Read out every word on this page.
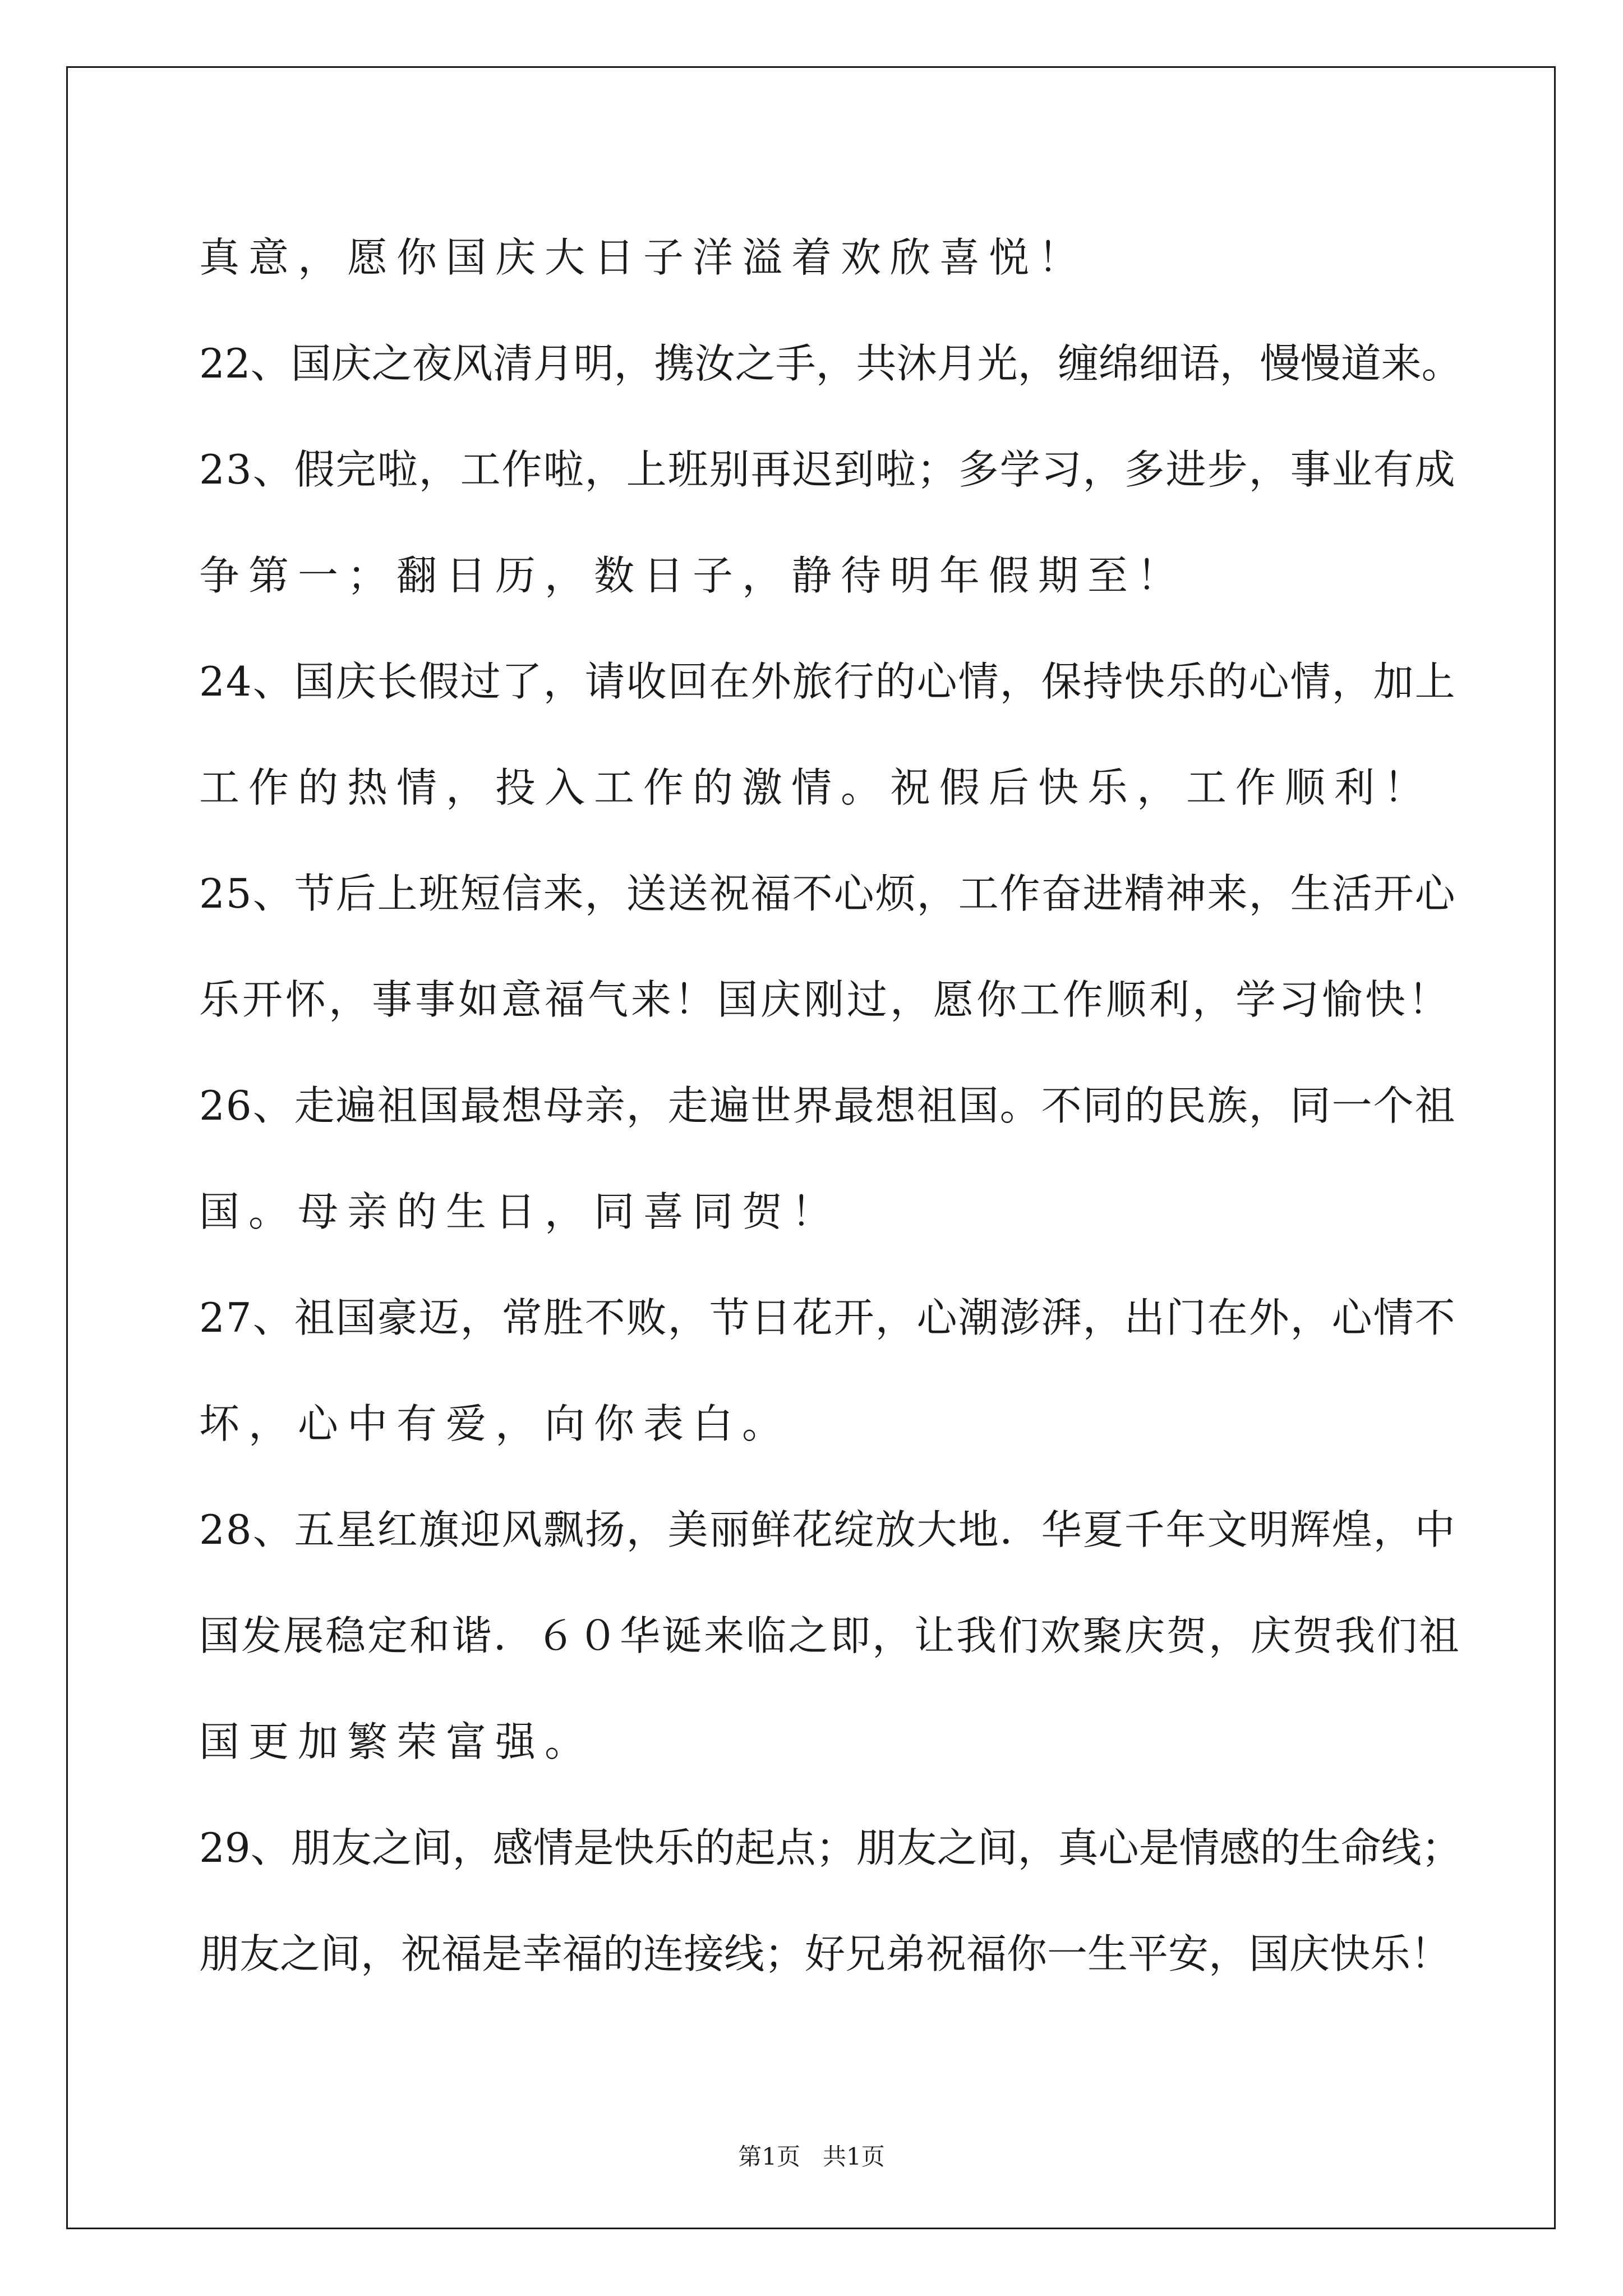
真意，愿你国庆大日子洋溢着欢欣喜悦！
22、国庆之夜风清月明，携汝之手，共沐月光，缠绵细语，慢慢道来。
23、假完啦，工作啦，上班别再迟到啦；多学习，多进步，事业有成
争第一；翻日历，数日子，静待明年假期至！
24、国庆长假过了，请收回在外旅行的心情，保持快乐的心情，加上
工作的热情，投入工作的激情。祝假后快乐，工作顺利！
25、节后上班短信来，送送祝福不心烦，工作奋进精神来，生活开心
乐开怀，事事如意福气来！国庆刚过，愿你工作顺利，学习愉快！
26、走遍祖国最想母亲，走遍世界最想祖国。不同的民族，同一个祖
国。母亲的生日，同喜同贺！
27、祖国豪迈，常胜不败，节日花开，心潮澎湃，出门在外，心情不
坏，心中有爱，向你表白。
28、五星红旗迎风飘扬，美丽鲜花绽放大地．华夏千年文明辉煌，中
国发展稳定和谐．６０华诞来临之即，让我们欢聚庆贺，庆贺我们祖
国更加繁荣富强。
29、朋友之间，感情是快乐的起点；朋友之间，真心是情感的生命线；
朋友之间，祝福是幸福的连接线；好兄弟祝福你一生平安，国庆快乐！
第1页   共1页
